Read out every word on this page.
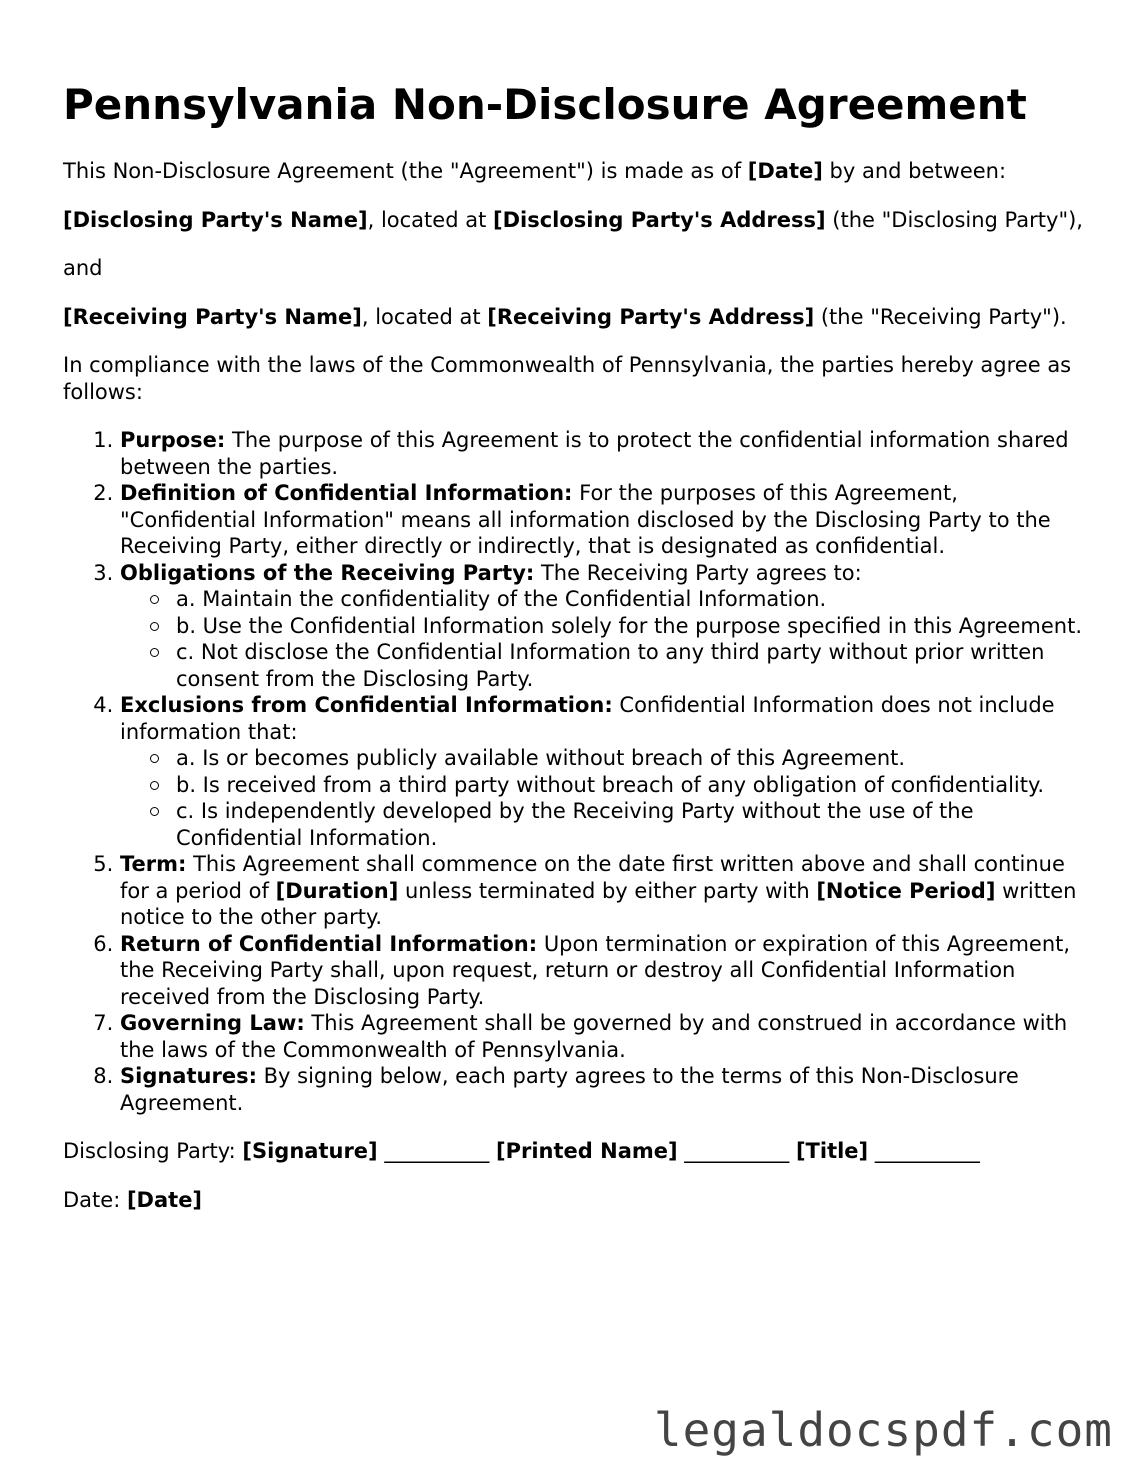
Pennsylvania Non-Disclosure Agreement

This Non-Disclosure Agreement (the "Agreement") is made as of [Date] by and between:

[Disclosing Party's Name], located at [Disclosing Party's Address] (the "Disclosing Party"),

and

[Receiving Party's Name], located at [Receiving Party's Address] (the "Receiving Party").

In compliance with the laws of the Commonwealth of Pennsylvania, the parties hereby agree as follows:

1. Purpose: The purpose of this Agreement is to protect the confidential information shared between the parties.
2. Definition of Confidential Information: For the purposes of this Agreement, "Confidential Information" means all information disclosed by the Disclosing Party to the Receiving Party, either directly or indirectly, that is designated as confidential.
3. Obligations of the Receiving Party: The Receiving Party agrees to:
a. Maintain the confidentiality of the Confidential Information.
b. Use the Confidential Information solely for the purpose specified in this Agreement.
c. Not disclose the Confidential Information to any third party without prior written consent from the Disclosing Party.
4. Exclusions from Confidential Information: Confidential Information does not include information that:
a. Is or becomes publicly available without breach of this Agreement.
b. Is received from a third party without breach of any obligation of confidentiality.
c. Is independently developed by the Receiving Party without the use of the Confidential Information.
5. Term: This Agreement shall commence on the date first written above and shall continue for a period of [Duration] unless terminated by either party with [Notice Period] written notice to the other party.
6. Return of Confidential Information: Upon termination or expiration of this Agreement, the Receiving Party shall, upon request, return or destroy all Confidential Information received from the Disclosing Party.
7. Governing Law: This Agreement shall be governed by and construed in accordance with the laws of the Commonwealth of Pennsylvania.
8. Signatures: By signing below, each party agrees to the terms of this Non-Disclosure Agreement.

Disclosing Party: [Signature] __________ [Printed Name] __________ [Title] __________

Date: [Date]

legaldocspdf.com
